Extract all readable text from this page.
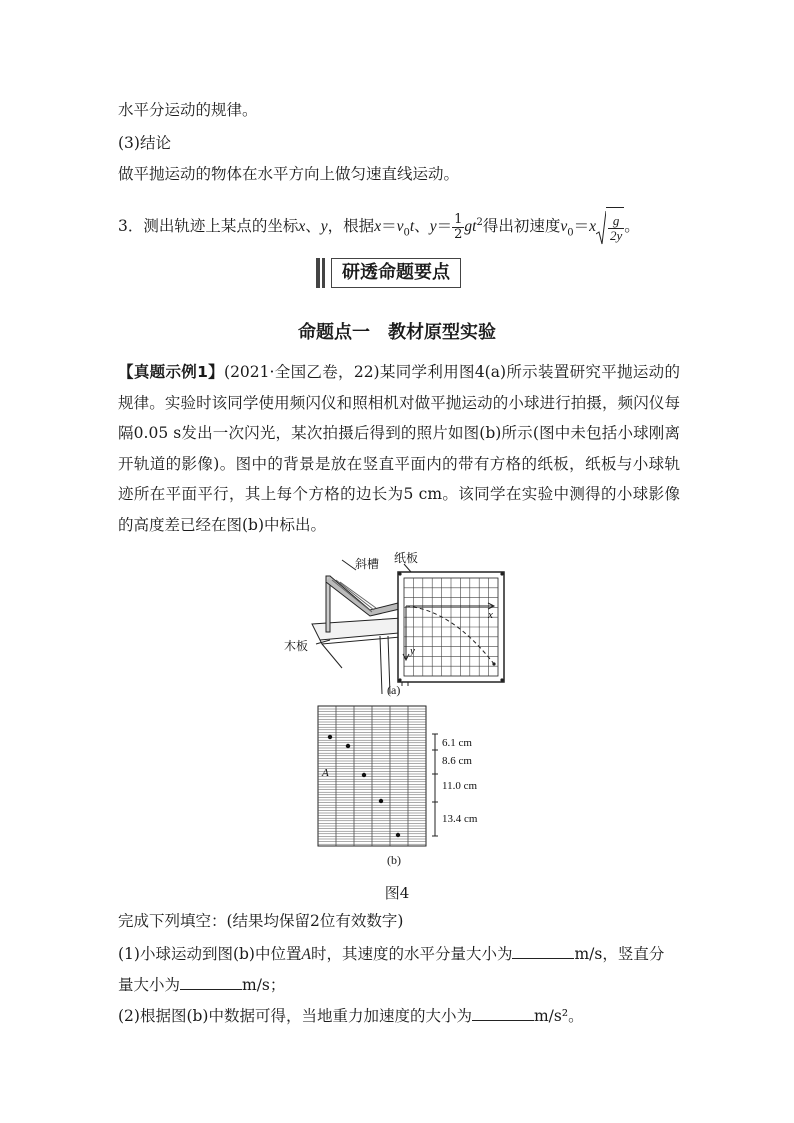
水平分运动的规律。
(3)结论
做平抛运动的物体在水平方向上做匀速直线运动。
3．测出轨迹上某点的坐标x、y，根据$x=v_0t$、$y= \frac{1}{2} gt^2$得出初速度$v_0=x \frac{g}{2y}$ 。
研透命题要点
命题点一　教材原型实验
【真题示例1】(2021·全国乙卷，22)某同学利用图4(a)所示装置研究平抛运动的规律。实验时该同学使用频闪仪和照相机对做平抛运动的小球进行拍摄，频闪仪每隔0.05 s发出一次闪光，某次拍摄后得到的照片如图(b)所示(图中未包括小球刚离开轨道的影像)。图中的背景是放在竖直平面内的带有方格的纸板，纸板与小球轨迹所在平面平行，其上每个方格的边长为5 cm。该同学在实验中测得的小球影像的高度差已经在图(b)中标出。
斜槽 纸板
木板
x
y
(a)
A
6.1 cm
8.6 cm
11.0 cm
13.4 cm
(b)
图4
完成下列填空：(结果均保留2位有效数字)
(1)小球运动到图(b)中位置A时，其速度的水平分量大小为	m/s，竖直分
量大小为	m/s；
(2)根据图(b)中数据可得，当地重力加速度的大小为	m/s²。
